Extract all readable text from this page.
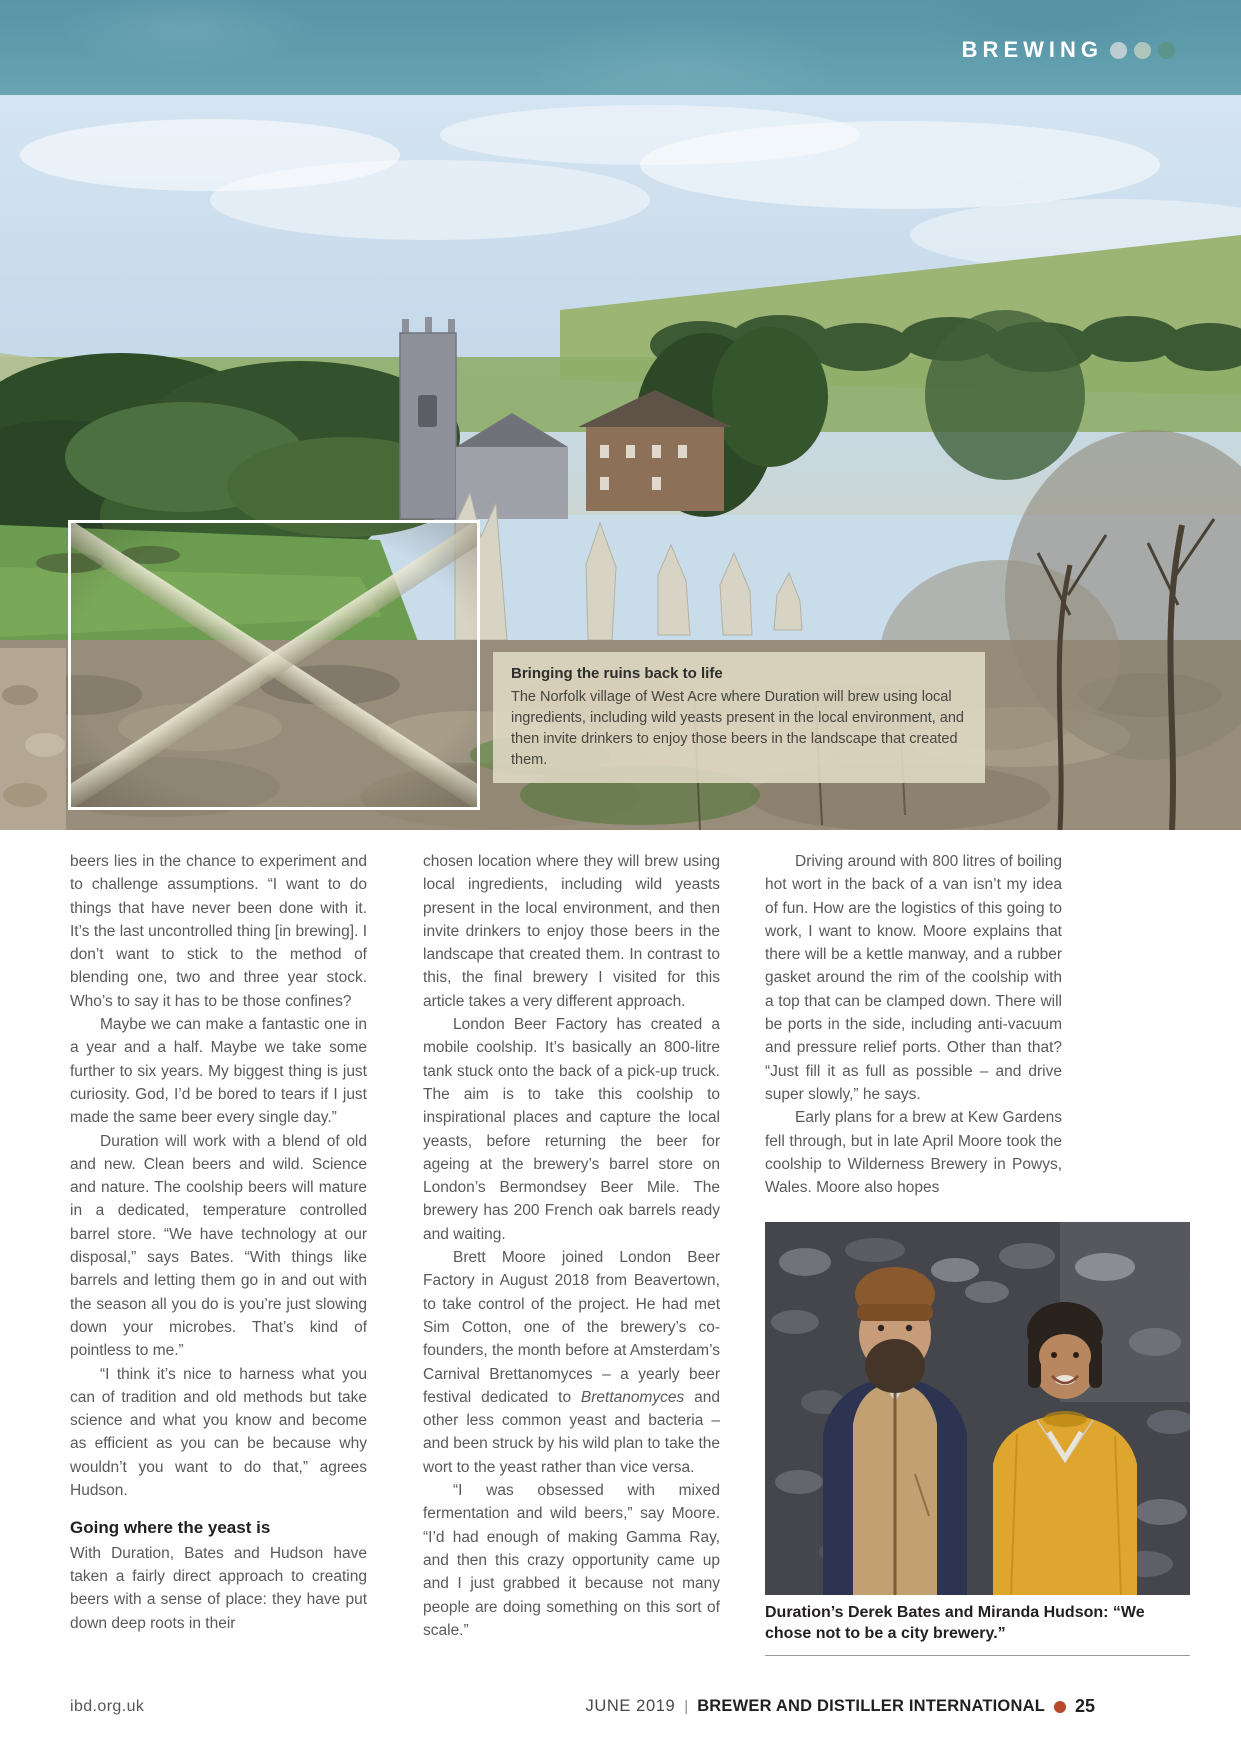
BREWING
Bringing the ruins back to life
The Norfolk village of West Acre where Duration will brew using local ingredients, including wild yeasts present in the local environment, and then invite drinkers to enjoy those beers in the landscape that created them.

beers lies in the chance to experiment and to challenge assumptions. “I want to do things that have never been done with it. It’s the last uncontrolled thing [in brewing]. I don’t want to stick to the method of blending one, two and three year stock. Who’s to say it has to be those confines?

Maybe we can make a fantastic one in a year and a half. Maybe we take some further to six years. My biggest thing is just curiosity. God, I’d be bored to tears if I just made the same beer every single day.”

Duration will work with a blend of old and new. Clean beers and wild. Science and nature. The coolship beers will mature in a dedicated, temperature controlled barrel store. “We have technology at our disposal,” says Bates. “With things like barrels and letting them go in and out with the season all you do is you’re just slowing down your microbes. That’s kind of pointless to me.”

“I think it’s nice to harness what you can of tradition and old methods but take science and what you know and become as efficient as you can be because why wouldn’t you want to do that,” agrees Hudson.

Going where the yeast is

With Duration, Bates and Hudson have taken a fairly direct approach to creating beers with a sense of place: they have put down deep roots in their

chosen location where they will brew using local ingredients, including wild yeasts present in the local environment, and then invite drinkers to enjoy those beers in the landscape that created them. In contrast to this, the final brewery I visited for this article takes a very different approach.

London Beer Factory has created a mobile coolship. It’s basically an 800-litre tank stuck onto the back of a pick-up truck. The aim is to take this coolship to inspirational places and capture the local yeasts, before returning the beer for ageing at the brewery’s barrel store on London’s Bermondsey Beer Mile. The brewery has 200 French oak barrels ready and waiting.

Brett Moore joined London Beer Factory in August 2018 from Beavertown, to take control of the project. He had met Sim Cotton, one of the brewery’s co-founders, the month before at Amsterdam’s Carnival Brettanomyces – a yearly beer festival dedicated to Brettanomyces and other less common yeast and bacteria – and been struck by his wild plan to take the wort to the yeast rather than vice versa.

“I was obsessed with mixed fermentation and wild beers,” say Moore. “I’d had enough of making Gamma Ray, and then this crazy opportunity came up and I just grabbed it because not many people are doing something on this sort of scale.”

Driving around with 800 litres of boiling hot wort in the back of a van isn’t my idea of fun. How are the logistics of this going to work, I want to know. Moore explains that there will be a kettle manway, and a rubber gasket around the rim of the coolship with a top that can be clamped down. There will be ports in the side, including anti-vacuum and pressure relief ports. Other than that? “Just fill it as full as possible – and drive super slowly,” he says.

Early plans for a brew at Kew Gardens fell through, but in late April Moore took the coolship to Wilderness Brewery in Powys, Wales. Moore also hopes

Duration’s Derek Bates and Miranda Hudson: “We chose not to be a city brewery.”
ibd.org.uk	JUNE 2019 | BREWER AND DISTILLER INTERNATIONAL 25
